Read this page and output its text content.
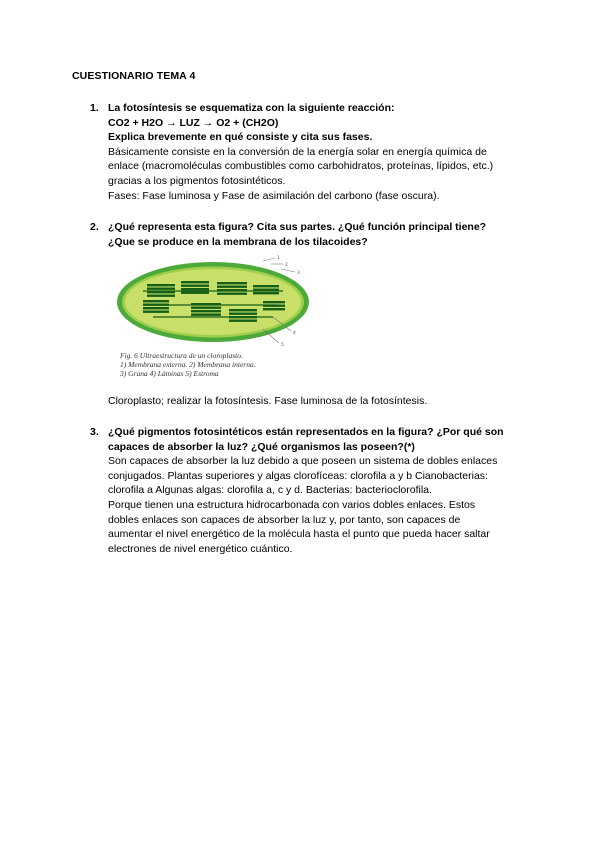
CUESTIONARIO TEMA 4
1. La fotosíntesis se esquematiza con la siguiente reacción:
CO2 + H2O → LUZ → O2 + (CH2O)
Explica brevemente en qué consiste y cita sus fases.
Básicamente consiste en la conversión de la energía solar en energía química de
enlace (macromoléculas combustibles como carbohidratos, proteínas, lípidos, etc.)
gracias a los pigmentos fotosintéticos.
Fases: Fase luminosa y Fase de asimilación del carbono (fase oscura).
2. ¿Qué representa esta figura? Cita sus partes. ¿Qué función principal tiene?
¿Que se produce en la membrana de los tilacoides?
1
2
3
4
5
Fig. 6 Ultraestructura de un cloroplasto.
1) Membrana externa. 2) Membrana interna.
3) Grana 4) Láminas 5) Estroma
Cloroplasto; realizar la fotosíntesis. Fase luminosa de la fotosíntesis.
3. ¿Qué pigmentos fotosintéticos están representados en la figura? ¿Por qué son
capaces de absorber la luz? ¿Qué organismos las poseen?(*)
Son capaces de absorber la luz debido a que poseen un sistema de dobles enlaces
conjugados. Plantas superiores y algas clorofíceas: clorofila a y b Cianobacterias:
clorofila a Algunas algas: clorofila a, c y d. Bacterias: bacterioclorofila.
Porque tienen una estructura hidrocarbonada con varios dobles enlaces. Estos
dobles enlaces son capaces de absorber la luz y, por tanto, son capaces de
aumentar el nivel energético de la molécula hasta el punto que pueda hacer saltar
electrones de nivel energético cuántico.
